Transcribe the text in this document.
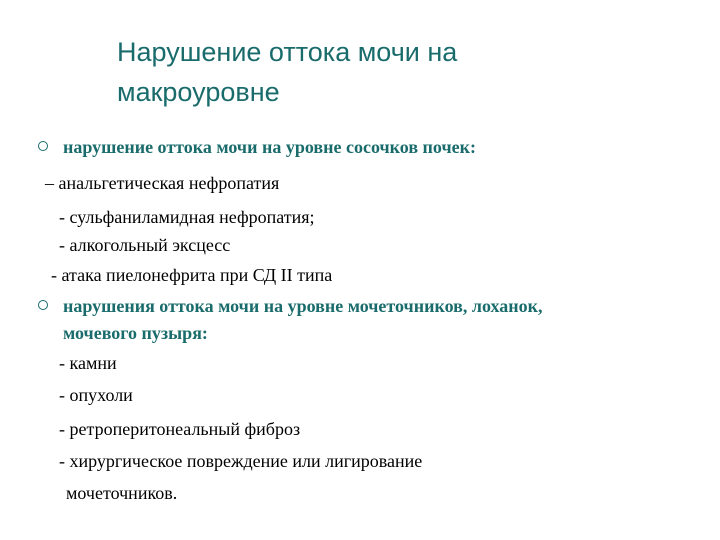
Нарушение оттока мочи на
макроуровне
нарушение оттока мочи на уровне сосочков почек:
– анальгетическая нефропатия
- сульфаниламидная нефропатия;
- алкогольный эксцесс
- атака пиелонефрита при СД II типа
нарушения оттока мочи на уровне мочеточников, лоханок,
мочевого пузыря:
- камни
- опухоли
- ретроперитонеальный фиброз
- хирургическое повреждение или лигирование
мочеточников.
